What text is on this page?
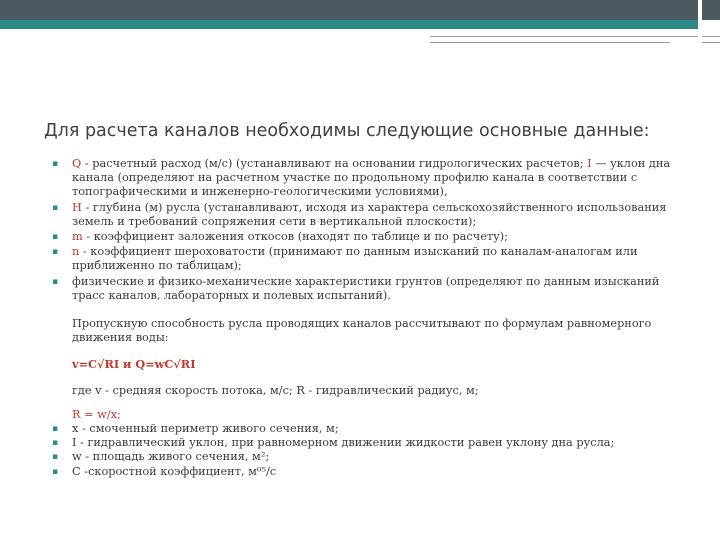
Для расчета каналов необходимы следующие основные данные:
▪ Q - расчетный расход (м/с) (устанавливают на основании гидрологических расчетов; I — уклон дна канала (определяют на расчетном участке по продольному профилю канала в соответствии с топографическими и инженерно-геологическими условиями),
▪ H - глубина (м) русла (устанавливают, исходя из характера сельскохозяйственного использования земель и требований сопряжения сети в вертикальной плоскости);
▪ m - коэффициент заложения откосов (находят по таблице и по расчету);
▪ n - коэффициент шероховатости (принимают по данным изысканий по каналам-аналогам или приближенно по таблицам);
▪ физические и физико-механические характеристики грунтов (определяют по данным изысканий трасс каналов, лабораторных и полевых испытаний).
Пропускную способность русла проводящих каналов рассчитывают по формулам равномерного движения воды:
v=C√RI и Q=wC√RI
где v - средняя скорость потока, м/с; R - гидравлический радиус, м;
R = w/x;
▪ x - смоченный периметр живого сечения, м;
▪ I - гидравлический уклон, при равномерном движении жидкости равен уклону дна русла;
▪ w - площадь живого сечения, м²;
▪ C -скоростной коэффициент, м⁰⁵/с
